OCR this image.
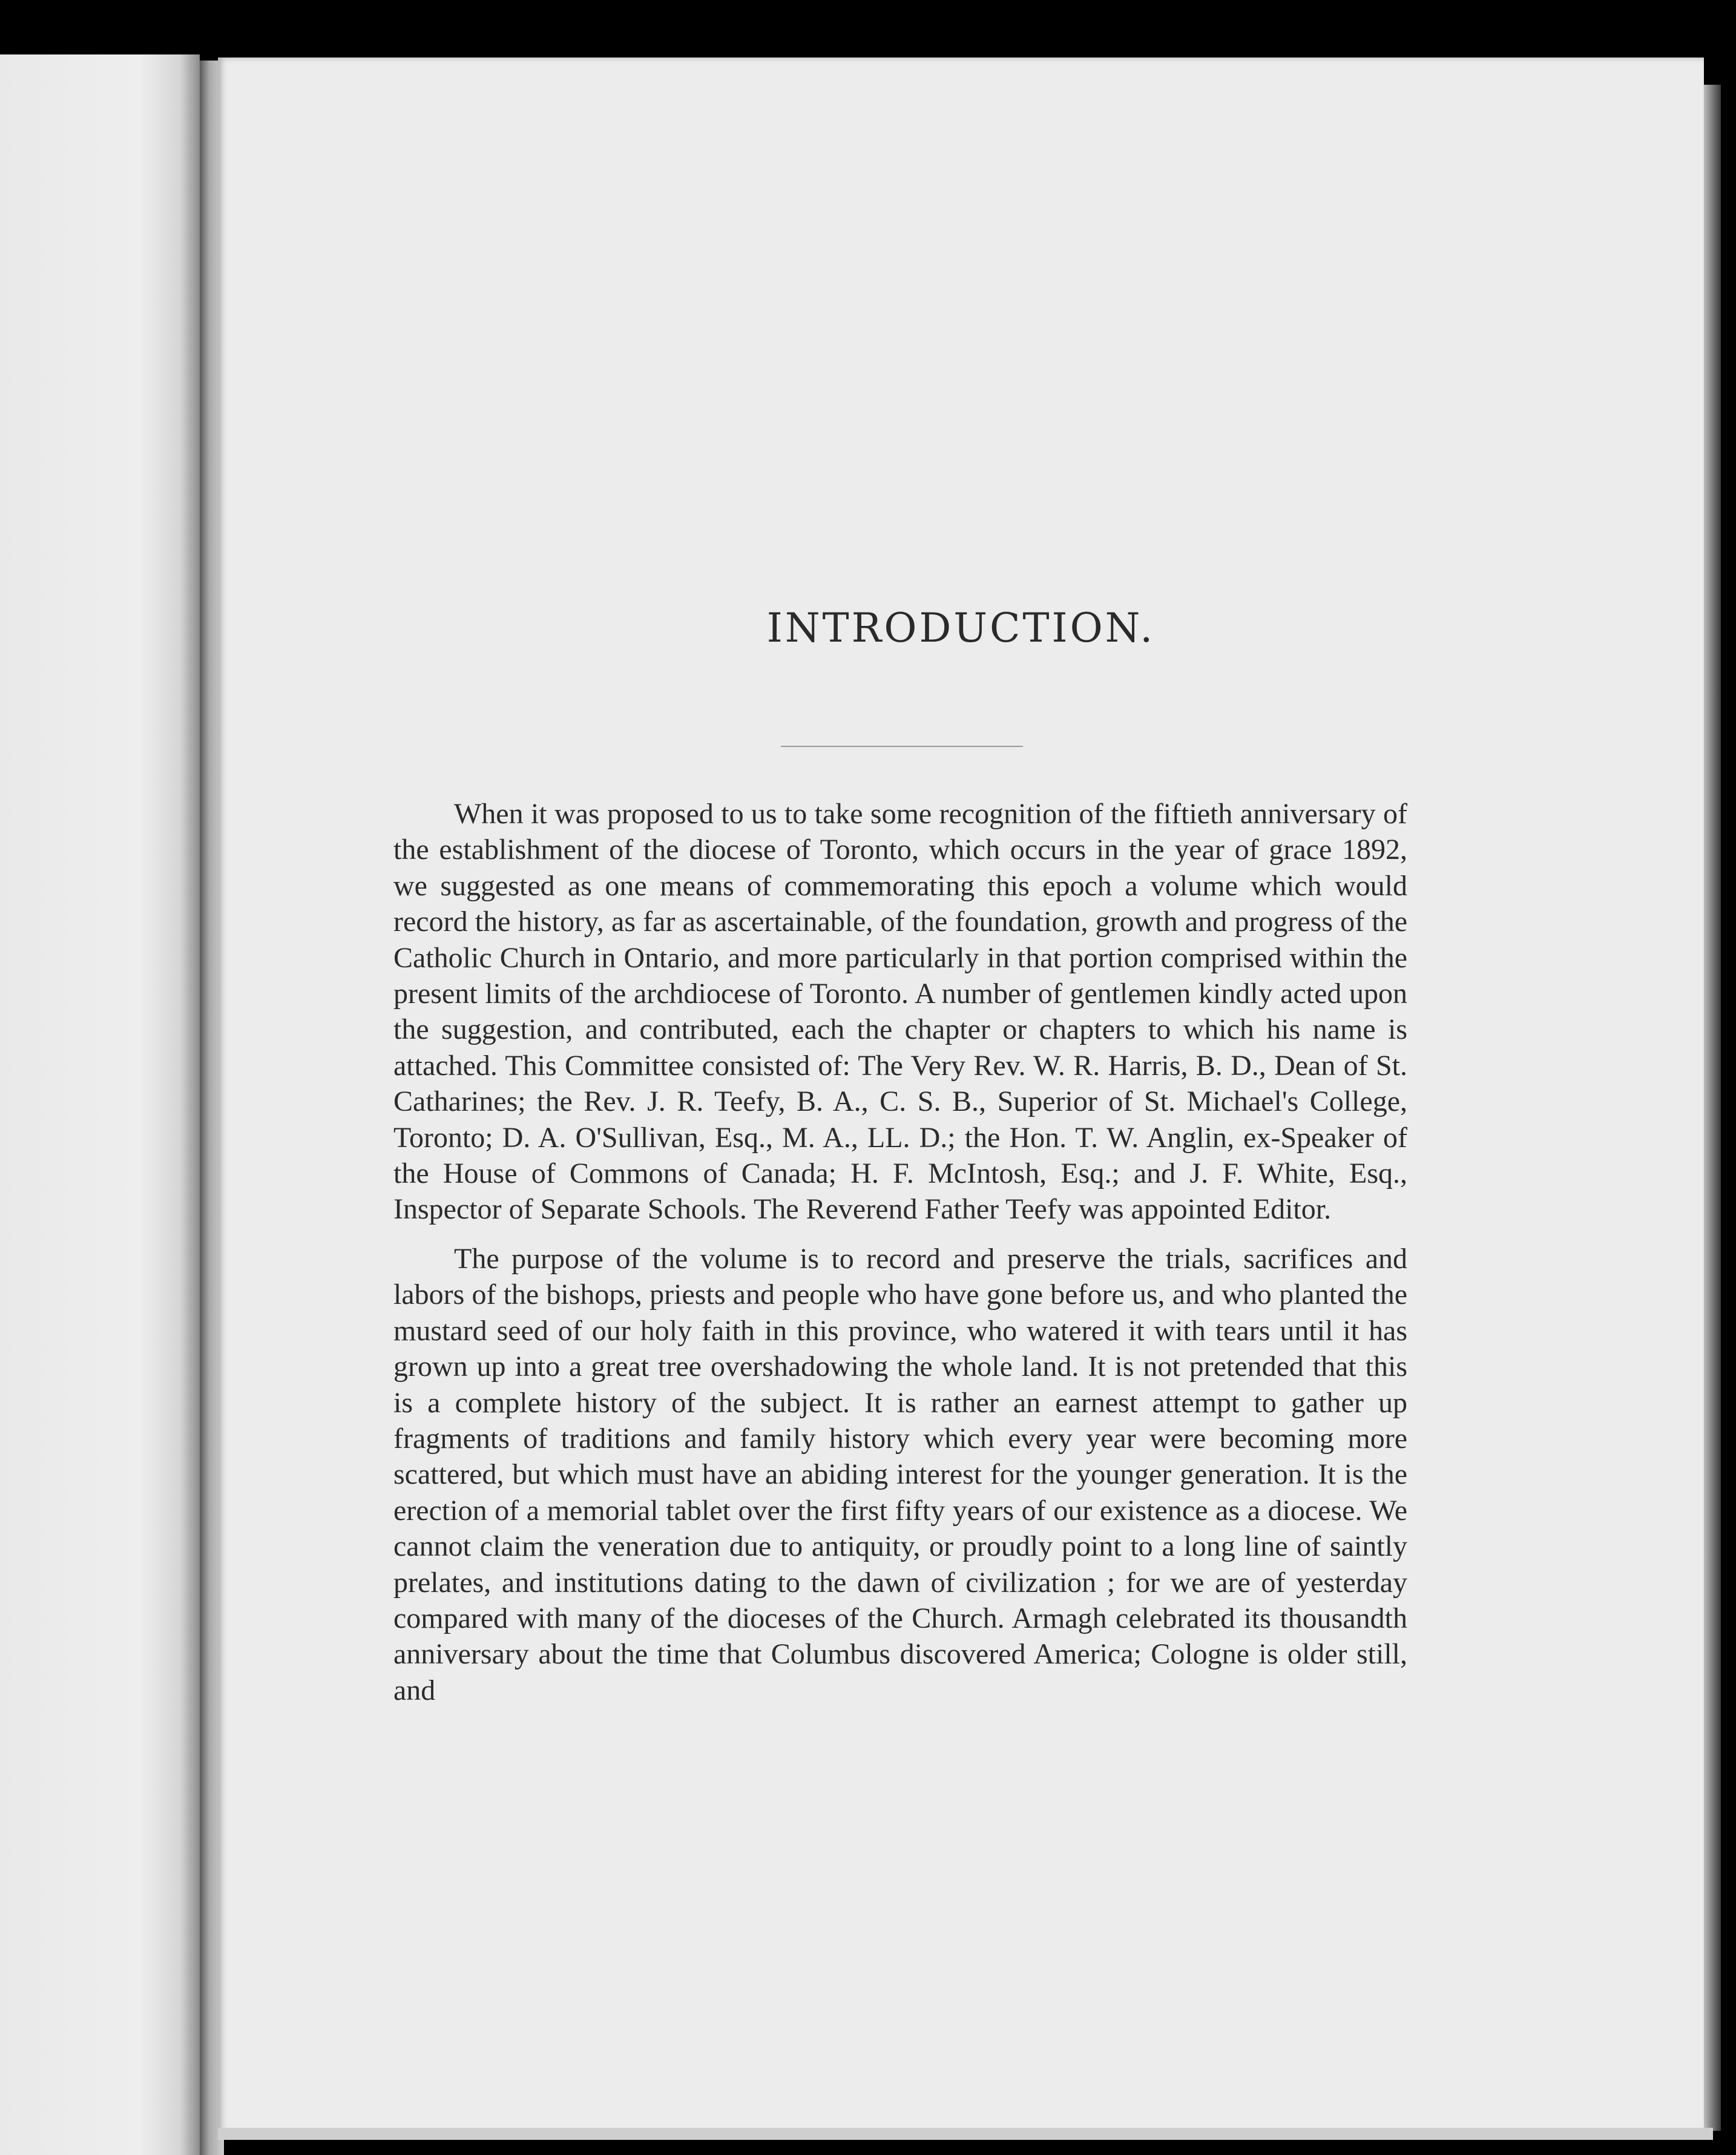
INTRODUCTION.

When it was proposed to us to take some recognition of the fiftieth anniversary of the establishment of the diocese of Toronto, which occurs in the year of grace 1892, we suggested as one means of commemorating this epoch a volume which would record the history, as far as ascertainable, of the foundation, growth and progress of the Catholic Church in Ontario, and more particularly in that portion comprised within the present limits of the archdiocese of Toronto. A number of gentlemen kindly acted upon the suggestion, and contributed, each the chapter or chapters to which his name is attached. This Committee consisted of: The Very Rev. W. R. Harris, B. D., Dean of St. Catharines; the Rev. J. R. Teefy, B. A., C. S. B., Superior of St. Michael's College, Toronto; D. A. O'Sullivan, Esq., M. A., LL. D.; the Hon. T. W. Anglin, ex-Speaker of the House of Commons of Canada; H. F. McIntosh, Esq.; and J. F. White, Esq., Inspector of Separate Schools. The Reverend Father Teefy was appointed Editor.

The purpose of the volume is to record and preserve the trials, sacrifices and labors of the bishops, priests and people who have gone before us, and who planted the mustard seed of our holy faith in this province, who watered it with tears until it has grown up into a great tree overshadowing the whole land. It is not pretended that this is a complete history of the subject. It is rather an earnest attempt to gather up fragments of traditions and family history which every year were becoming more scattered, but which must have an abiding interest for the younger generation. It is the erection of a memorial tablet over the first fifty years of our existence as a diocese. We cannot claim the veneration due to antiquity, or proudly point to a long line of saintly prelates, and institutions dating to the dawn of civilization ; for we are of yesterday compared with many of the dioceses of the Church. Armagh celebrated its thousandth anniversary about the time that Columbus discovered America; Cologne is older still, and
